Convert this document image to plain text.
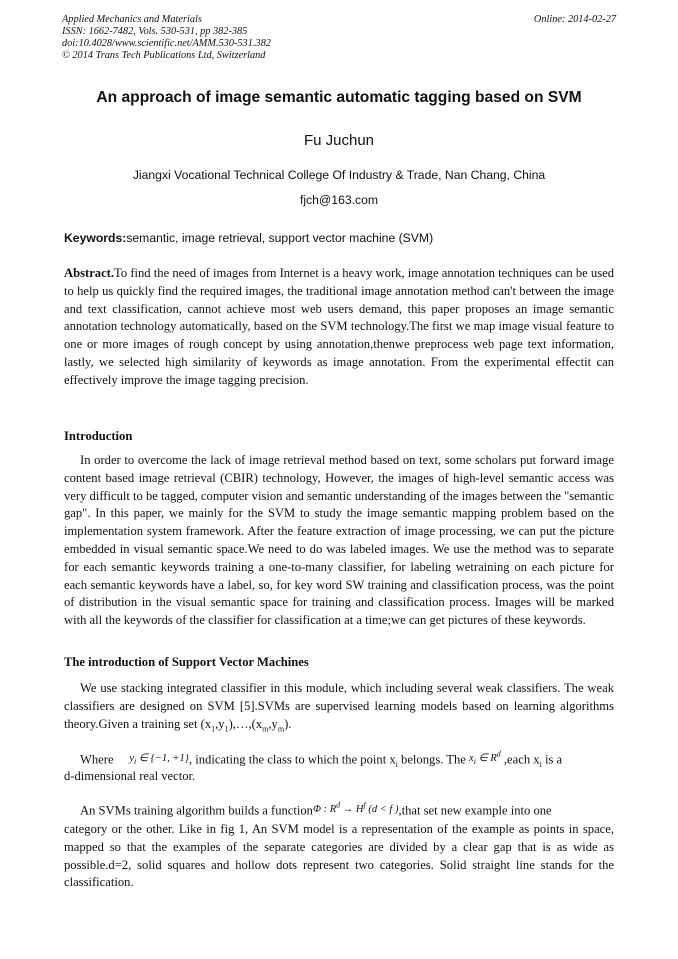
Applied Mechanics and Materials
ISSN: 1662-7482, Vols. 530-531, pp 382-385
doi:10.4028/www.scientific.net/AMM.530-531.382
© 2014 Trans Tech Publications Ltd, Switzerland
Online: 2014-02-27
An approach of image semantic automatic tagging based on SVM
Fu Juchun
Jiangxi Vocational Technical College Of Industry & Trade, Nan Chang, China
fjch@163.com
Keywords:semantic, image retrieval, support vector machine (SVM)
Abstract.To find the need of images from Internet is a heavy work, image annotation techniques can be used to help us quickly find the required images, the traditional image annotation method can't between the image and text classification, cannot achieve most web users demand, this paper proposes an image semantic annotation technology automatically, based on the SVM technology.The first we map image visual feature to one or more images of rough concept by using annotation,thenwe preprocess web page text information, lastly, we selected high similarity of keywords as image annotation. From the experimental effectit can effectively improve the image tagging precision.
Introduction
In order to overcome the lack of image retrieval method based on text, some scholars put forward image content based image retrieval (CBIR) technology, However, the images of high-level semantic access was very difficult to be tagged, computer vision and semantic understanding of the images between the "semantic gap". In this paper, we mainly for the SVM to study the image semantic mapping problem based on the implementation system framework. After the feature extraction of image processing, we can put the picture embedded in visual semantic space.We need to do was labeled images. We use the method was to separate for each semantic keywords training a one-to-many classifier, for labeling wetraining on each picture for each semantic keywords have a label, so, for key word SW training and classification process, was the point of distribution in the visual semantic space for training and classification process. Images will be marked with all the keywords of the classifier for classification at a time;we can get pictures of these keywords.
The introduction of Support Vector Machines
We use stacking integrated classifier in this module, which including several weak classifiers. The weak classifiers are designed on SVM [5].SVMs are supervised learning models based on learning algorithms theory.Given a training set $(x_1,y_1),\dots,(x_m,y_m)$.
Where $^{y_i \in \{-1, +1\}}$, indicating the class to which the point $x_i$ belongs. The $^{x_i \in R^d}$ ,each $x_i$ is a
d-dimensional real vector.
An SVMs training algorithm builds a function$^{\Phi : R^d \to H^f (d < f )}$,that set new example into one
category or the other. Like in fig 1, An SVM model is a representation of the example as points in space, mapped so that the examples of the separate categories are divided by a clear gap that is as wide as possible.d=2, solid squares and hollow dots represent two categories. Solid straight line stands for the classification.
